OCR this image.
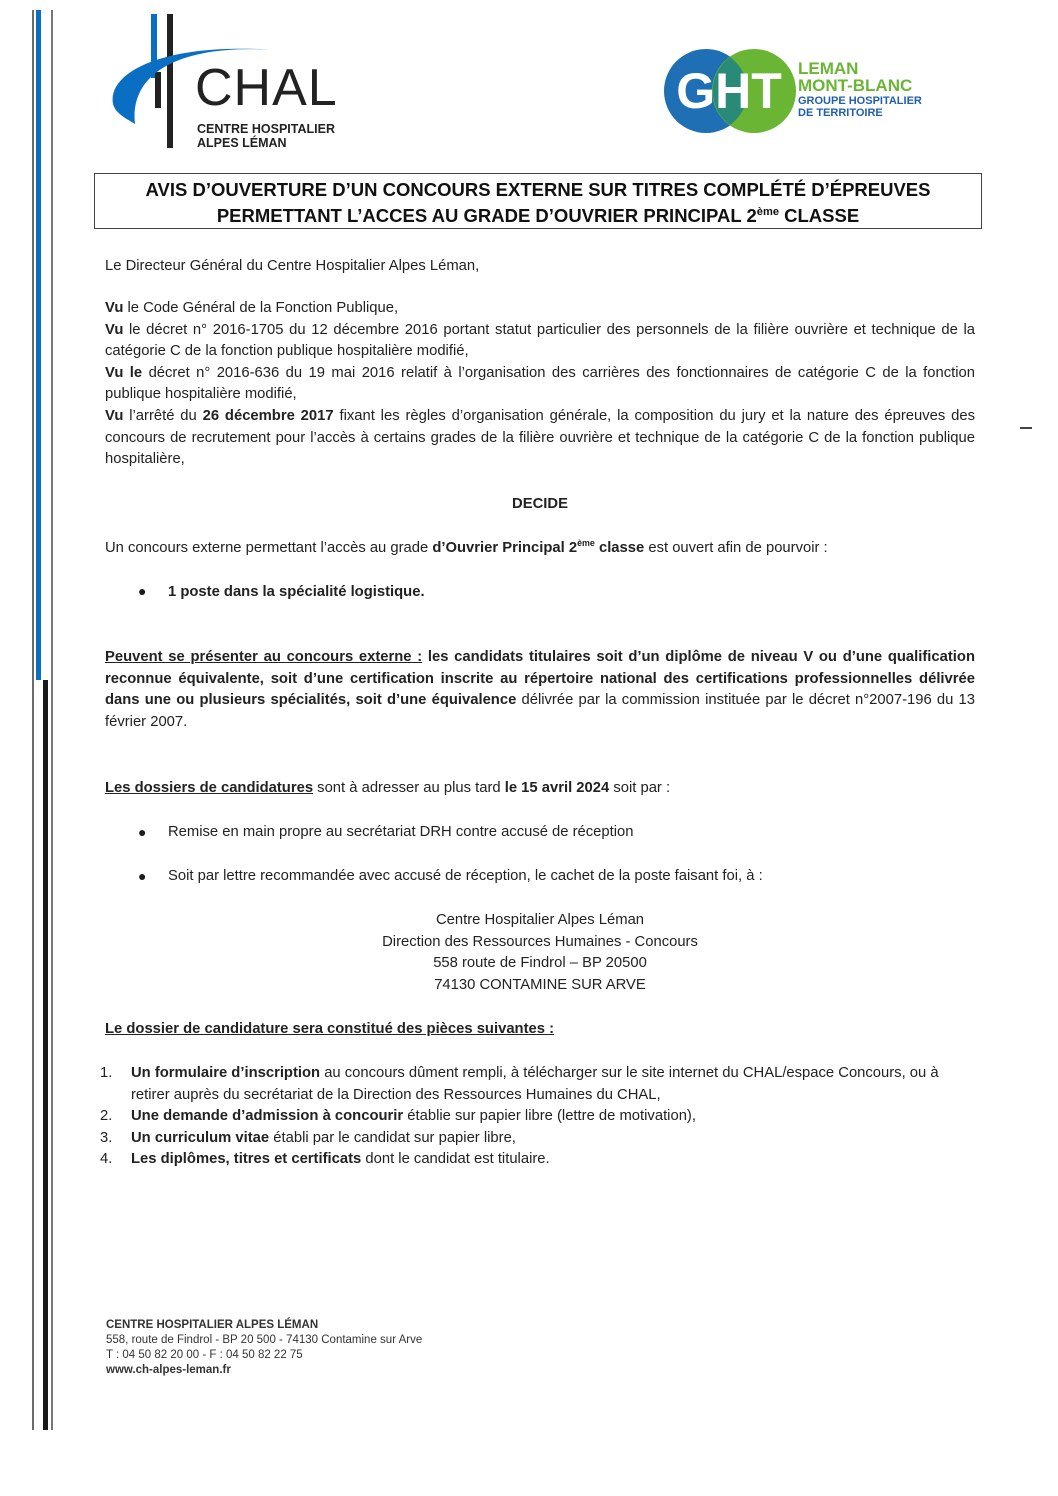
CHAL
CENTRE HOSPITALIER
ALPES LÉMAN
GHT LEMAN
MONT-BLANC
GROUPE HOSPITALIER
DE TERRITOIRE
AVIS D’OUVERTURE D’UN CONCOURS EXTERNE SUR TITRES COMPLÉTÉ D’ÉPREUVES
PERMETTANT L’ACCES AU GRADE D’OUVRIER PRINCIPAL 2ème CLASSE
Le Directeur Général du Centre Hospitalier Alpes Léman,
Vu le Code Général de la Fonction Publique,
Vu le décret n° 2016-1705 du 12 décembre 2016 portant statut particulier des personnels de la filière ouvrière et technique de la catégorie C de la fonction publique hospitalière modifié,
Vu le décret n° 2016-636 du 19 mai 2016 relatif à l’organisation des carrières des fonctionnaires de catégorie C de la fonction publique hospitalière modifié,
Vu l’arrêté du 26 décembre 2017 fixant les règles d’organisation générale, la composition du jury et la nature des épreuves des concours de recrutement pour l’accès à certains grades de la filière ouvrière et technique de la catégorie C de la fonction publique hospitalière,
DECIDE
Un concours externe permettant l’accès au grade d’Ouvrier Principal 2ème classe est ouvert afin de pourvoir :
● 1 poste dans la spécialité logistique.
Peuvent se présenter au concours externe : les candidats titulaires soit d’un diplôme de niveau V ou d’une qualification reconnue équivalente, soit d’une certification inscrite au répertoire national des certifications professionnelles délivrée dans une ou plusieurs spécialités, soit d’une équivalence délivrée par la commission instituée par le décret n°2007-196 du 13 février 2007.
Les dossiers de candidatures sont à adresser au plus tard le 15 avril 2024 soit par :
● Remise en main propre au secrétariat DRH contre accusé de réception
● Soit par lettre recommandée avec accusé de réception, le cachet de la poste faisant foi, à :
Centre Hospitalier Alpes Léman
Direction des Ressources Humaines - Concours
558 route de Findrol – BP 20500
74130 CONTAMINE SUR ARVE
Le dossier de candidature sera constitué des pièces suivantes :
1.	Un formulaire d’inscription au concours dûment rempli, à télécharger sur le site internet du CHAL/espace Concours, ou à retirer auprès du secrétariat de la Direction des Ressources Humaines du CHAL,
2.	Une demande d’admission à concourir établie sur papier libre (lettre de motivation),
3.	Un curriculum vitae établi par le candidat sur papier libre,
4.	Les diplômes, titres et certificats dont le candidat est titulaire.
CENTRE HOSPITALIER ALPES LÉMAN
558, route de Findrol - BP 20 500 - 74130 Contamine sur Arve
T : 04 50 82 20 00 - F : 04 50 82 22 75
www.ch-alpes-leman.fr
